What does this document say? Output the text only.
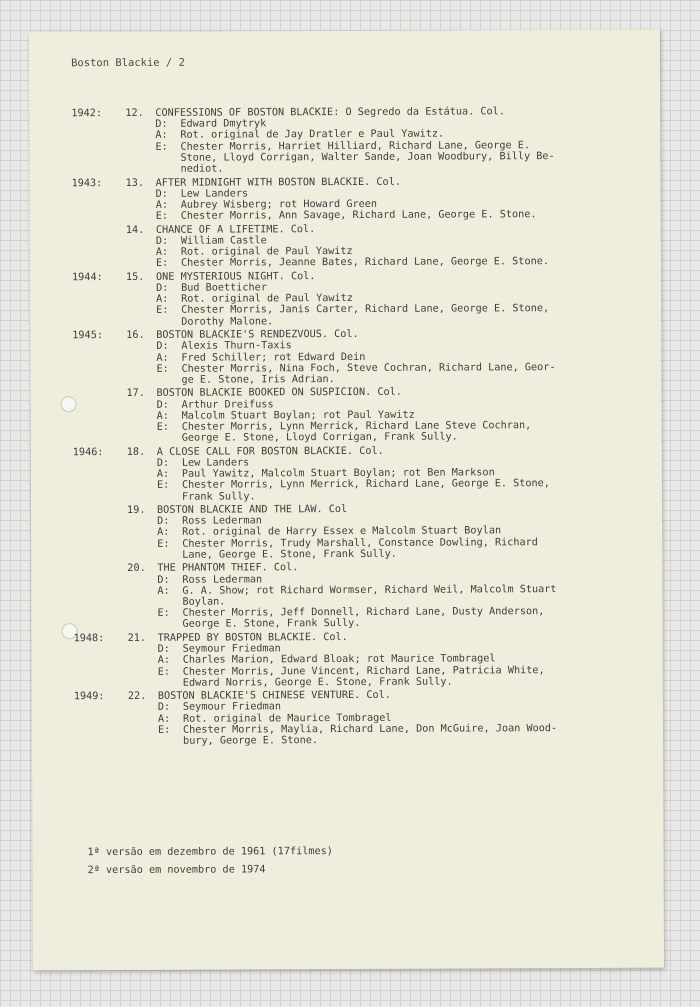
Boston Blackie / 2
1942: 12. CONFESSIONS OF BOSTON BLACKIE: O Segredo da Estátua. Col.
D: Edward Dmytryk
A: Rot. original de Jay Dratler e Paul Yawitz.
E: Chester Morris, Harriet Hilliard, Richard Lane, George E.
Stone, Lloyd Corrigan, Walter Sande, Joan Woodbury, Billy Be-
nediot.
1943: 13. AFTER MIDNIGHT WITH BOSTON BLACKIE. Col.
D: Lew Landers
A: Aubrey Wisberg; rot Howard Green
E: Chester Morris, Ann Savage, Richard Lane, George E. Stone.
14. CHANCE OF A LIFETIME. Col.
D: William Castle
A: Rot. original de Paul Yawitz
E: Chester Morris, Jeanne Bates, Richard Lane, George E. Stone.
1944: 15. ONE MYSTERIOUS NIGHT. Col.
D: Bud Boetticher
A: Rot. original de Paul Yawitz
E: Chester Morris, Janis Carter, Richard Lane, George E. Stone,
Dorothy Malone.
1945: 16. BOSTON BLACKIE'S RENDEZVOUS. Col.
D: Alexis Thurn-Taxis
A: Fred Schiller; rot Edward Dein
E: Chester Morris, Nina Foch, Steve Cochran, Richard Lane, Geor-
ge E. Stone, Iris Adrian.
17. BOSTON BLACKIE BOOKED ON SUSPICION. Col.
D: Arthur Dreifuss
A: Malcolm Stuart Boylan; rot Paul Yawitz
E: Chester Morris, Lynn Merrick, Richard Lane Steve Cochran,
George E. Stone, Lloyd Corrigan, Frank Sully.
1946: 18. A CLOSE CALL FOR BOSTON BLACKIE. Col.
D: Lew Landers
A: Paul Yawitz, Malcolm Stuart Boylan; rot Ben Markson
E: Chester Morris, Lynn Merrick, Richard Lane, George E. Stone,
Frank Sully.
19. BOSTON BLACKIE AND THE LAW. Col
D: Ross Lederman
A: Rot. original de Harry Essex e Malcolm Stuart Boylan
E: Chester Morris, Trudy Marshall, Constance Dowling, Richard
Lane, George E. Stone, Frank Sully.
20. THE PHANTOM THIEF. Col.
D: Ross Lederman
A: G. A. Show; rot Richard Wormser, Richard Weil, Malcolm Stuart
Boylan.
E: Chester Morris, Jeff Donnell, Richard Lane, Dusty Anderson,
George E. Stone, Frank Sully.
1948: 21. TRAPPED BY BOSTON BLACKIE. Col.
D: Seymour Friedman
A: Charles Marion, Edward Bloak; rot Maurice Tombragel
E: Chester Morris, June Vincent, Richard Lane, Patricia White,
Edward Norris, George E. Stone, Frank Sully.
1949: 22. BOSTON BLACKIE'S CHINESE VENTURE. Col.
D: Seymour Friedman
A: Rot. original de Maurice Tombragel
E: Chester Morris, Maylia, Richard Lane, Don McGuire, Joan Wood-
bury, George E. Stone.
1ª versão em dezembro de 1961 (17filmes)
2ª versão em novembro de 1974
